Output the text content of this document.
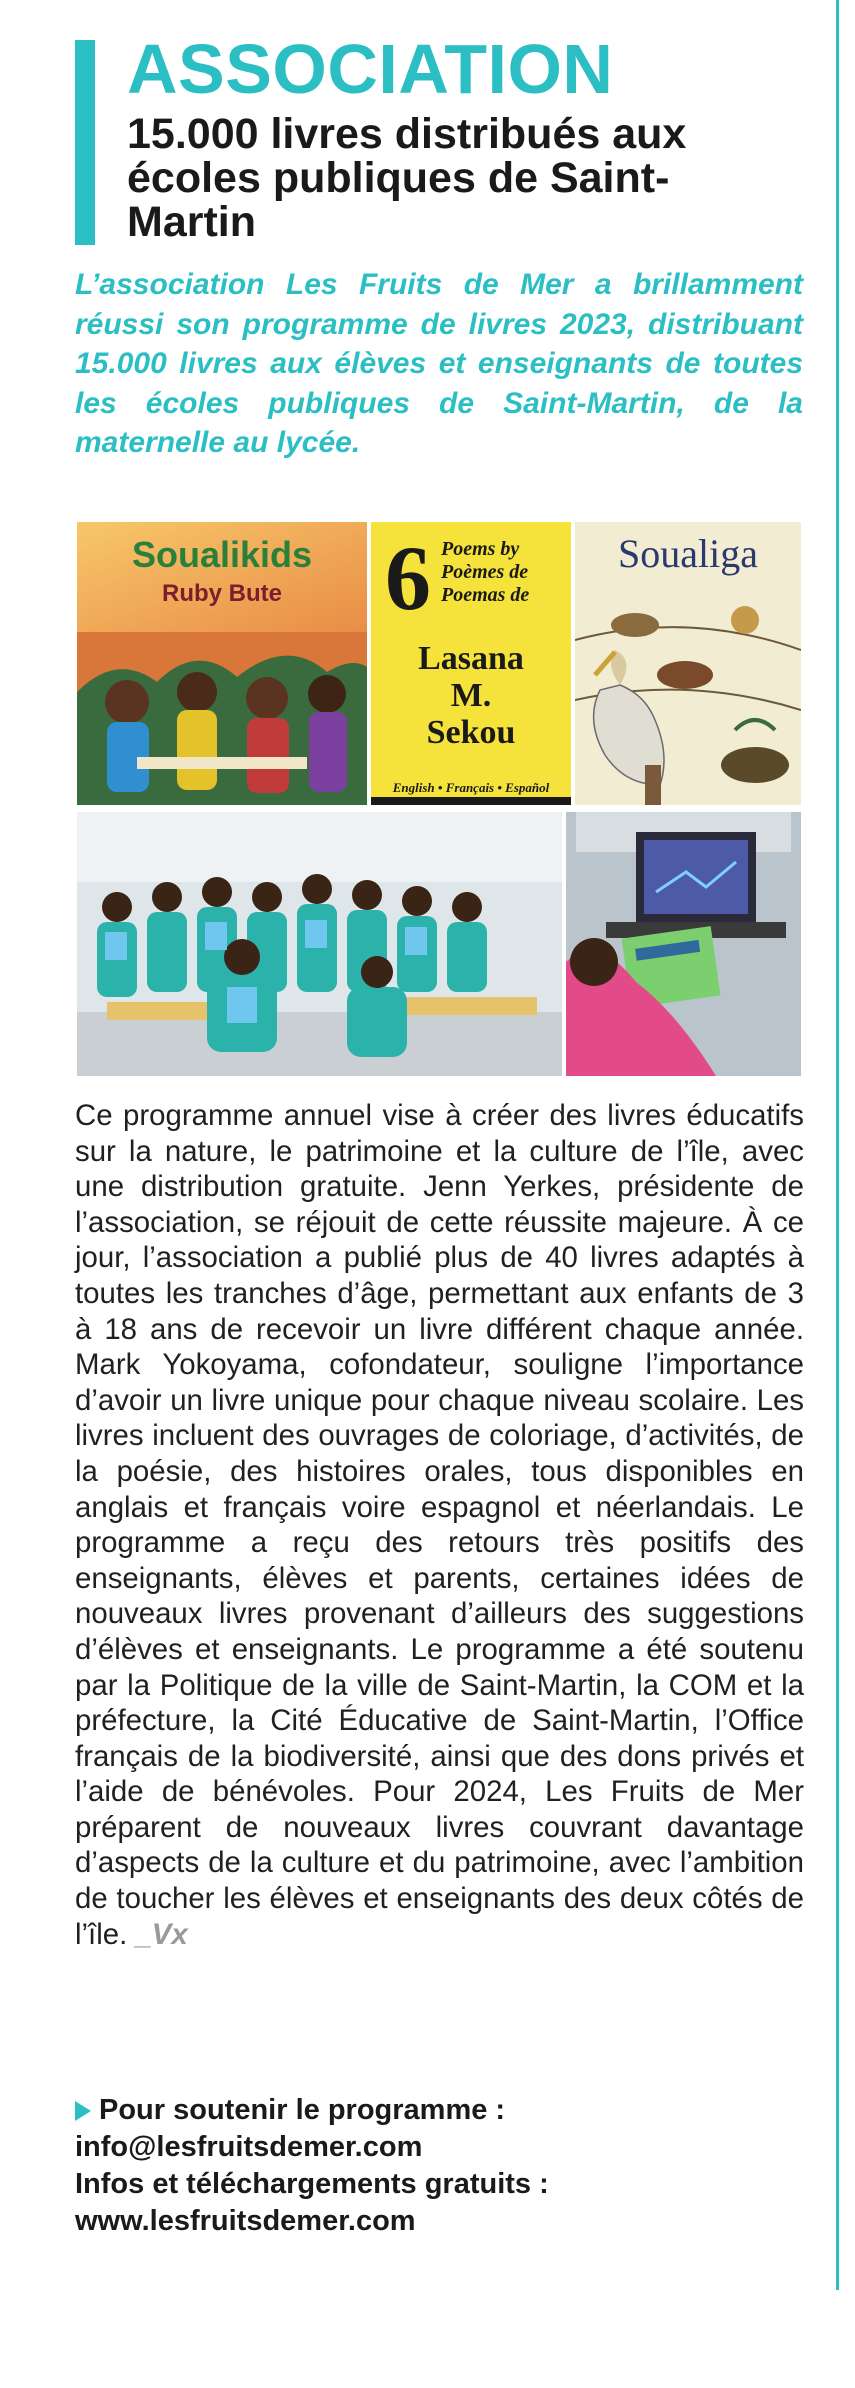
ASSOCIATION
15.000 livres distribués aux écoles publiques de Saint-Martin

L’association Les Fruits de Mer a brillamment réussi son programme de livres 2023, distribuant 15.000 livres aux élèves et enseignants de toutes les écoles publiques de Saint-Martin, de la maternelle au lycée.

Soualikids
Ruby Bute	6 Poems by
Poèmes de
Poemas de
Lasana
M.
Sekou
English • Français • Español
Soualiga

Ce programme annuel vise à créer des livres éducatifs sur la nature, le patrimoine et la culture de l’île, avec une distribution gratuite. Jenn Yerkes, présidente de l’association, se réjouit de cette réussite majeure. À ce jour, l’association a publié plus de 40 livres adaptés à toutes les tranches d’âge, permettant aux enfants de 3 à 18 ans de recevoir un livre différent chaque année. Mark Yokoyama, cofondateur, souligne l’importance d’avoir un livre unique pour chaque niveau scolaire. Les livres incluent des ouvrages de coloriage, d’activités, de la poésie, des histoires orales, tous disponibles en anglais et français voire espagnol et néerlandais. Le programme a reçu des retours très positifs des enseignants, élèves et parents, certaines idées de nouveaux livres provenant d’ailleurs des suggestions d’élèves et enseignants. Le programme a été soutenu par la Politique de la ville de Saint-Martin, la COM et la préfecture, la Cité Éducative de Saint-Martin, l’Office français de la biodiversité, ainsi que des dons privés et l’aide de bénévoles. Pour 2024, Les Fruits de Mer préparent de nouveaux livres couvrant davantage d’aspects de la culture et du patrimoine, avec l’ambition de toucher les élèves et enseignants des deux côtés de l’île. _Vx

Pour soutenir le programme :
info@lesfruitsdemer.com
Infos et téléchargements gratuits :
www.lesfruitsdemer.com
